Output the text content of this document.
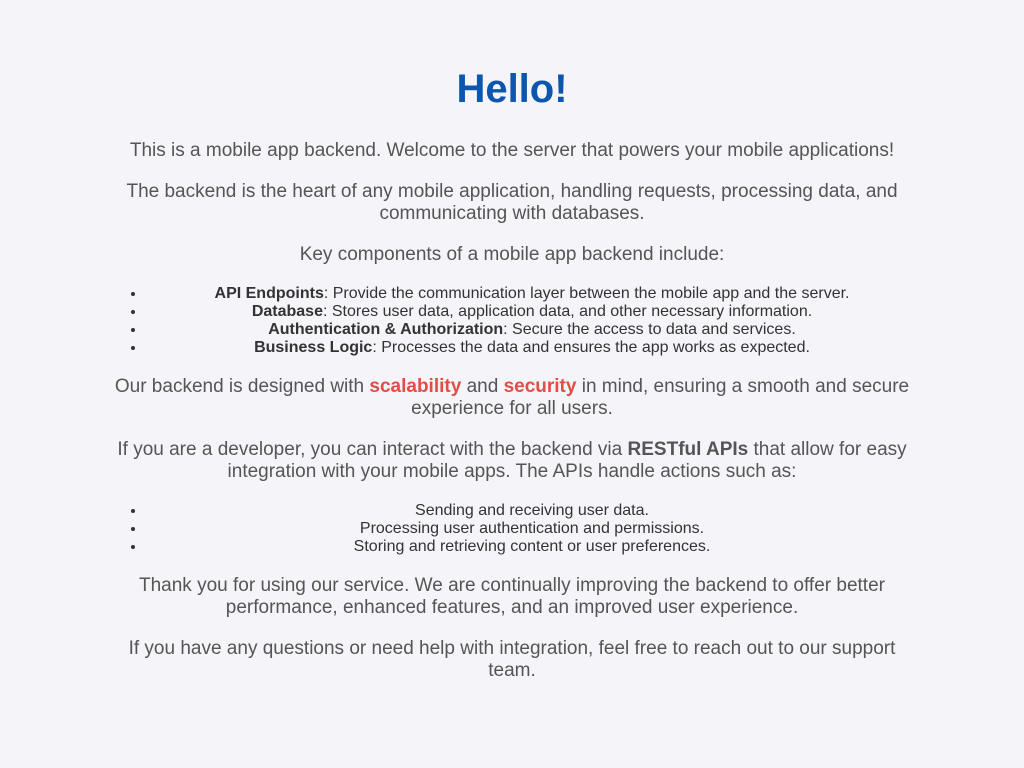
Hello!

This is a mobile app backend. Welcome to the server that powers your mobile applications!

The backend is the heart of any mobile application, handling requests, processing data, and communicating with databases.

Key components of a mobile app backend include:

• API Endpoints: Provide the communication layer between the mobile app and the server.
• Database: Stores user data, application data, and other necessary information.
• Authentication & Authorization: Secure the access to data and services.
• Business Logic: Processes the data and ensures the app works as expected.

Our backend is designed with scalability and security in mind, ensuring a smooth and secure experience for all users.

If you are a developer, you can interact with the backend via RESTful APIs that allow for easy integration with your mobile apps. The APIs handle actions such as:

• Sending and receiving user data.
• Processing user authentication and permissions.
• Storing and retrieving content or user preferences.

Thank you for using our service. We are continually improving the backend to offer better performance, enhanced features, and an improved user experience.

If you have any questions or need help with integration, feel free to reach out to our support team.
